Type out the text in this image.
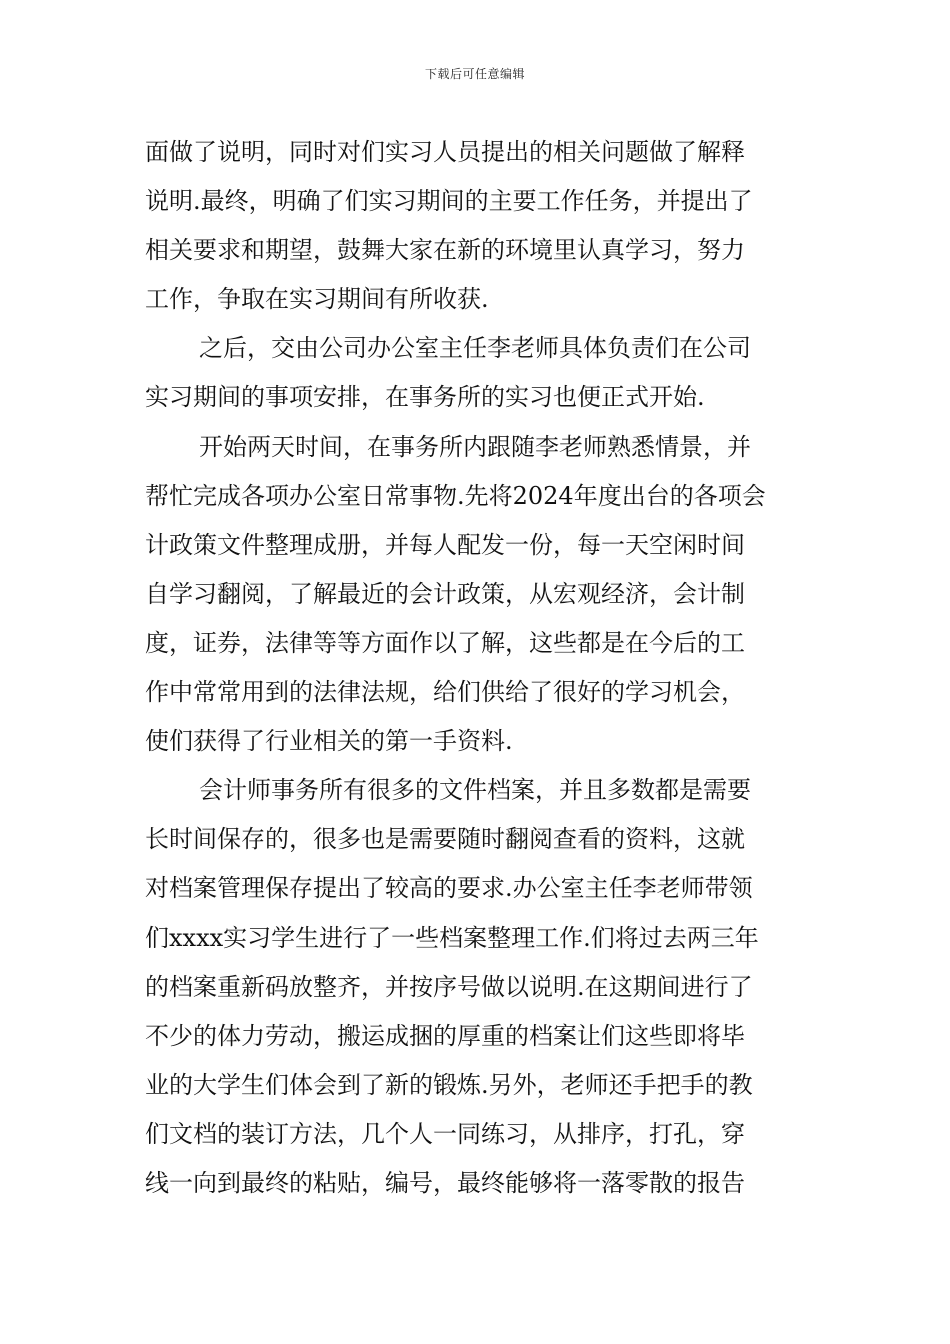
下载后可任意编辑
面做了说明，同时对们实习人员提出的相关问题做了解释
说明.最终，明确了们实习期间的主要工作任务，并提出了
相关要求和期望，鼓舞大家在新的环境里认真学习，努力
工作，争取在实习期间有所收获.
之后，交由公司办公室主任李老师具体负责们在公司
实习期间的事项安排，在事务所的实习也便正式开始.
开始两天时间，在事务所内跟随李老师熟悉情景，并
帮忙完成各项办公室日常事物.先将2024年度出台的各项会
计政策文件整理成册，并每人配发一份，每一天空闲时间
自学习翻阅，了解最近的会计政策，从宏观经济，会计制
度，证券，法律等等方面作以了解，这些都是在今后的工
作中常常用到的法律法规，给们供给了很好的学习机会，
使们获得了行业相关的第一手资料.
会计师事务所有很多的文件档案，并且多数都是需要
长时间保存的，很多也是需要随时翻阅查看的资料，这就
对档案管理保存提出了较高的要求.办公室主任李老师带领
们xxxx实习学生进行了一些档案整理工作.们将过去两三年
的档案重新码放整齐，并按序号做以说明.在这期间进行了
不少的体力劳动，搬运成捆的厚重的档案让们这些即将毕
业的大学生们体会到了新的锻炼.另外，老师还手把手的教
们文档的装订方法，几个人一同练习，从排序，打孔，穿
线一向到最终的粘贴，编号，最终能够将一落零散的报告
